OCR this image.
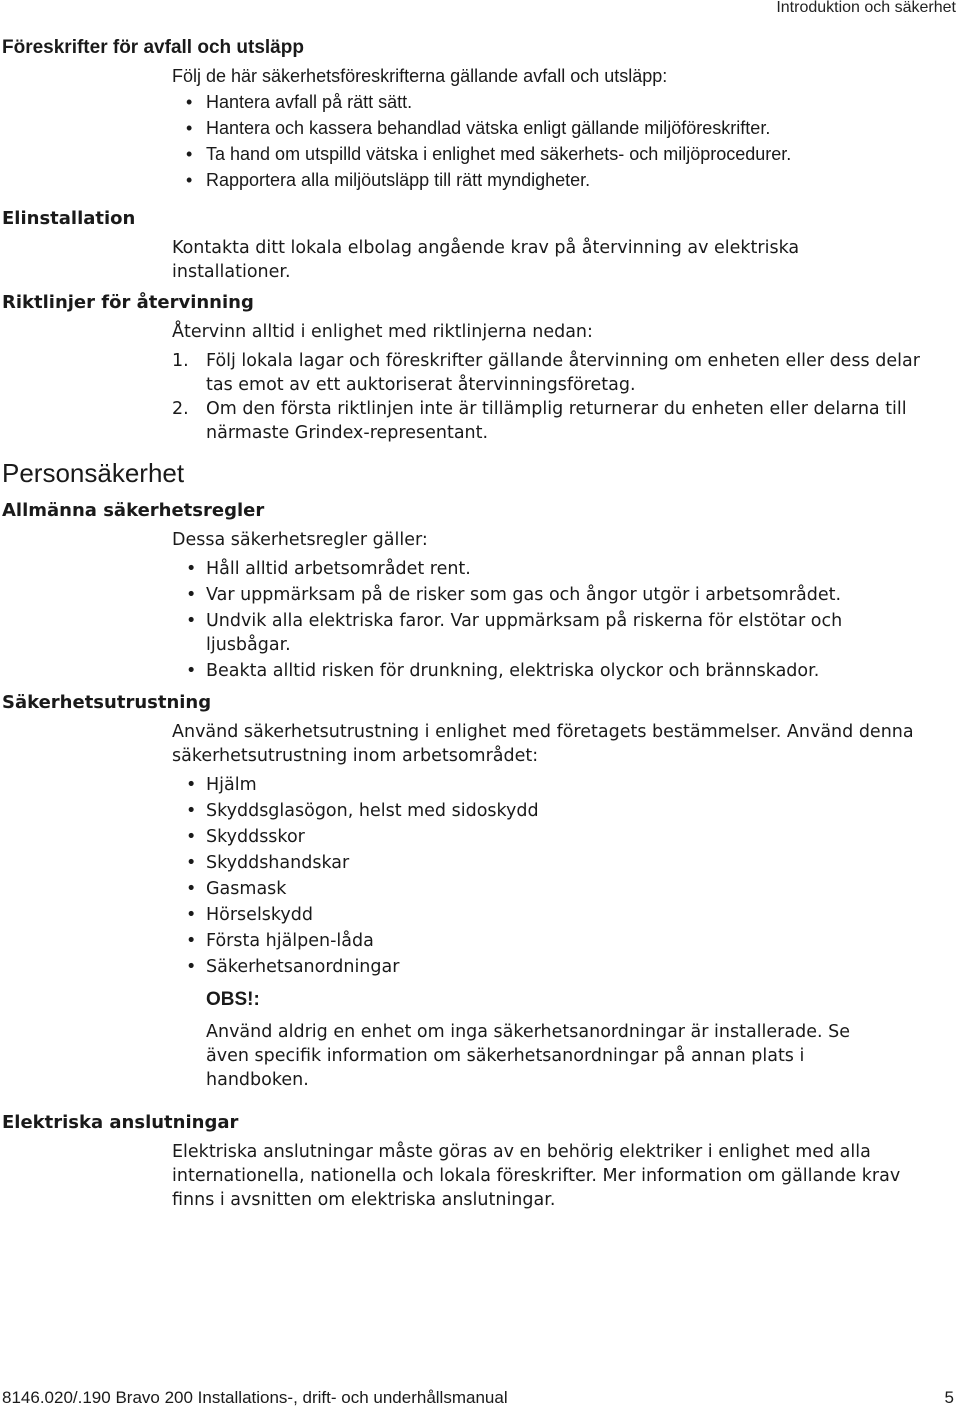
Introduktion och säkerhet
Föreskrifter för avfall och utsläpp
Följ de här säkerhetsföreskrifterna gällande avfall och utsläpp:
• Hantera avfall på rätt sätt.
• Hantera och kassera behandlad vätska enligt gällande miljöföreskrifter.
• Ta hand om utspilld vätska i enlighet med säkerhets- och miljöprocedurer.
• Rapportera alla miljöutsläpp till rätt myndigheter.
Elinstallation
Kontakta ditt lokala elbolag angående krav på återvinning av elektriska installationer.
Riktlinjer för återvinning
Återvinn alltid i enlighet med riktlinjerna nedan:
1. Följ lokala lagar och föreskrifter gällande återvinning om enheten eller dess delar tas emot av ett auktoriserat återvinningsföretag.
2. Om den första riktlinjen inte är tillämplig returnerar du enheten eller delarna till närmaste Grindex-representant.
Personsäkerhet
Allmänna säkerhetsregler
Dessa säkerhetsregler gäller:
• Håll alltid arbetsområdet rent.
• Var uppmärksam på de risker som gas och ångor utgör i arbetsområdet.
• Undvik alla elektriska faror. Var uppmärksam på riskerna för elstötar och ljusbågar.
• Beakta alltid risken för drunkning, elektriska olyckor och brännskador.
Säkerhetsutrustning
Använd säkerhetsutrustning i enlighet med företagets bestämmelser. Använd denna säkerhetsutrustning inom arbetsområdet:
• Hjälm
• Skyddsglasögon, helst med sidoskydd
• Skyddsskor
• Skyddshandskar
• Gasmask
• Hörselskydd
• Första hjälpen-låda
• Säkerhetsanordningar
OBS!:
Använd aldrig en enhet om inga säkerhetsanordningar är installerade. Se även specifik information om säkerhetsanordningar på annan plats i handboken.
Elektriska anslutningar
Elektriska anslutningar måste göras av en behörig elektriker i enlighet med alla internationella, nationella och lokala föreskrifter. Mer information om gällande krav finns i avsnitten om elektriska anslutningar.
8146.020/.190 Bravo 200 Installations-, drift- och underhållsmanual	5
